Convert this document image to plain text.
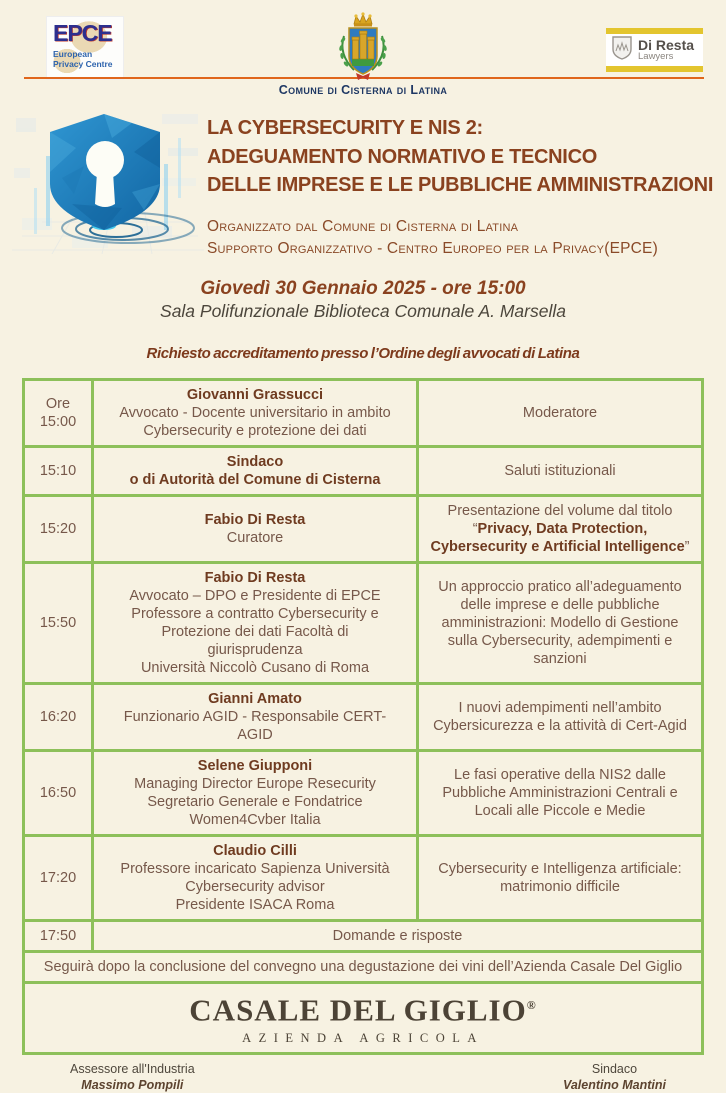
EPCE
European
Privacy Centre
Di Resta
Lawyers
Comune di Cisterna di Latina
LA CYBERSECURITY E NIS 2:
ADEGUAMENTO NORMATIVO E TECNICO
DELLE IMPRESE E LE PUBBLICHE AMMINISTRAZIONI

Organizzato dal Comune di Cisterna di Latina

Supporto Organizzativo - Centro Europeo per la Privacy(EPCE)

Giovedì 30 Gennaio 2025 - ore 15:00
Sala Polifunzionale Biblioteca Comunale A. Marsella
Richiesto accreditamento presso l’Ordine degli avvocati di Latina
Ore
15:00	
Giovanni Grassucci
Avvocato - Docente universitario in ambito
Cybersecurity e protezione dei dati
	Moderatore
15:10	Sindaco
o di Autorità del Comune di Cisterna	Saluti istituzionali
15:20	Fabio Di Resta
Curatore	Presentazione del volume dal titolo “Privacy, Data Protection, Cybersecurity e Artificial Intelligence”
15:50	
Fabio Di Resta
Avvocato – DPO e Presidente di EPCE
Professore a contratto Cybersecurity e
Protezione dei dati Facoltà di
giurisprudenza
Università Niccolò Cusano di Roma
	Un approccio pratico all’adeguamento delle imprese e delle pubbliche amministrazioni: Modello di Gestione sulla Cybersecurity, adempimenti e sanzioni
16:20	Gianni Amato
Funzionario AGID - Responsabile CERT-
AGID	I nuovi adempimenti nell’ambito Cybersicurezza e la attività di Cert-Agid
16:50	Selene Giupponi
Managing Director Europe Resecurity
Segretario Generale e Fondatrice
Women4Cvber Italia	Le fasi operative della NIS2 dalle Pubbliche Amministrazioni Centrali e Locali alle Piccole e Medie
17:20	Claudio Cilli
Professore incaricato Sapienza Università
Cybersecurity advisor
Presidente ISACA Roma	Cybersecurity e Intelligenza artificiale: matrimonio difficile
17:50	Domande e risposte	
Seguirà dopo la conclusione del convegno una degustazione dei vini dell’Azienda Casale Del Giglio		

CASALE DEL GIGLIO®
AZIENDA AGRICOLA		
Assessore all'Industria
Massimo Pompili
Sindaco
Valentino Mantini
